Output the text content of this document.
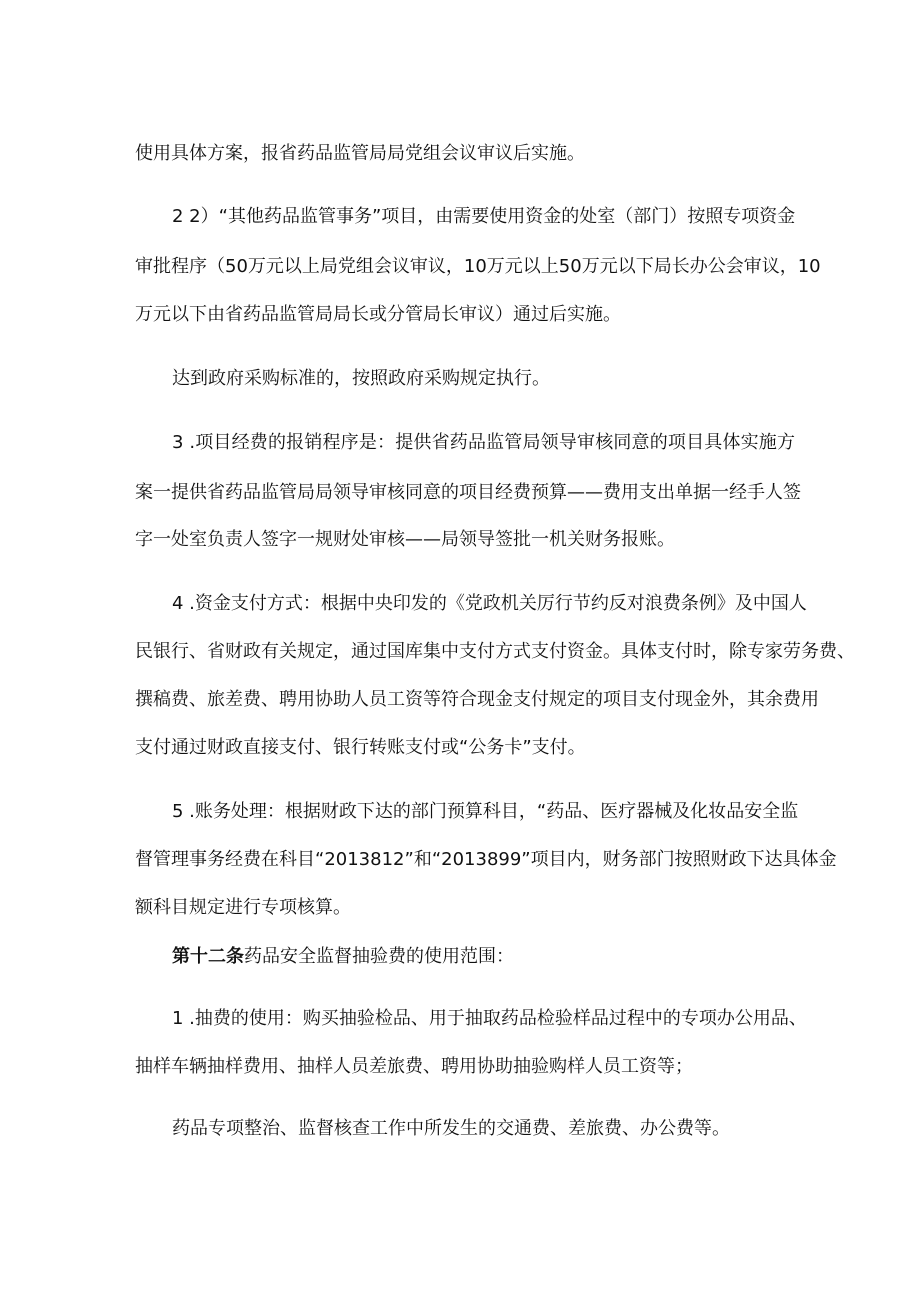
使用具体方案，报省药品监管局局党组会议审议后实施。
2 2）“其他药品监管事务”项目，由需要使用资金的处室（部门）按照专项资金
审批程序（50万元以上局党组会议审议，10万元以上50万元以下局长办公会审议，10
万元以下由省药品监管局局长或分管局长审议）通过后实施。
达到政府采购标准的，按照政府采购规定执行。
3 .项目经费的报销程序是：提供省药品监管局领导审核同意的项目具体实施方
案一提供省药品监管局局领导审核同意的项目经费预算——费用支出单据一经手人签
字一处室负责人签字一规财处审核——局领导签批一机关财务报账。
4 .资金支付方式：根据中央印发的《党政机关厉行节约反对浪费条例》及中国人
民银行、省财政有关规定，通过国库集中支付方式支付资金。具体支付时，除专家劳务费、
撰稿费、旅差费、聘用协助人员工资等符合现金支付规定的项目支付现金外，其余费用
支付通过财政直接支付、银行转账支付或“公务卡”支付。
5 .账务处理：根据财政下达的部门预算科目，“药品、医疗器械及化妆品安全监
督管理事务经费在科目“2013812”和“2013899”项目内，财务部门按照财政下达具体金
额科目规定进行专项核算。
第十二条药品安全监督抽验费的使用范围：
1 .抽费的使用：购买抽验检品、用于抽取药品检验样品过程中的专项办公用品、
抽样车辆抽样费用、抽样人员差旅费、聘用协助抽验购样人员工资等；
药品专项整治、监督核查工作中所发生的交通费、差旅费、办公费等。
